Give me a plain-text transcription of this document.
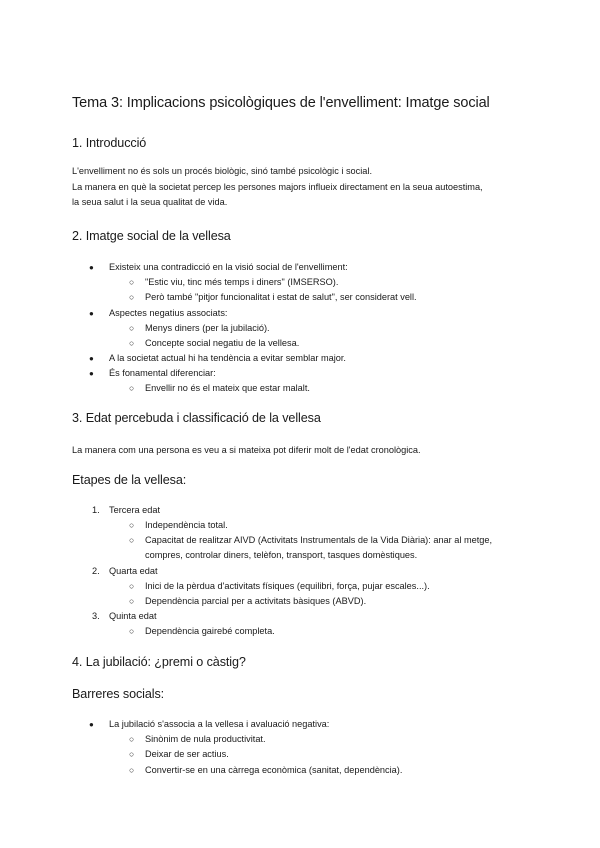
Tema 3: Implicacions psicològiques de l'envelliment: Imatge social
1. Introducció
L'envelliment no és sols un procés biològic, sinó també psicològic i social.
La manera en què la societat percep les persones majors influeix directament en la seua autoestima,
la seua salut i la seua qualitat de vida.
2. Imatge social de la vellesa
● Existeix una contradicció en la visió social de l'envelliment:
○ "Estic viu, tinc més temps i diners" (IMSERSO).
○ Però també "pitjor funcionalitat i estat de salut", ser considerat vell.
● Aspectes negatius associats:
○ Menys diners (per la jubilació).
○ Concepte social negatiu de la vellesa.
● A la societat actual hi ha tendència a evitar semblar major.
● És fonamental diferenciar:
○ Envellir no és el mateix que estar malalt.
3. Edat percebuda i classificació de la vellesa
La manera com una persona es veu a si mateixa pot diferir molt de l'edat cronològica.
Etapes de la vellesa:
1. Tercera edat
○ Independència total.
○ Capacitat de realitzar AIVD (Activitats Instrumentals de la Vida Diària): anar al metge,
compres, controlar diners, telèfon, transport, tasques domèstiques.
2. Quarta edat
○ Inici de la pèrdua d'activitats físiques (equilibri, força, pujar escales...).
○ Dependència parcial per a activitats bàsiques (ABVD).
3. Quinta edat
○ Dependència gairebé completa.
4. La jubilació: ¿premi o càstig?
Barreres socials:
● La jubilació s'associa a la vellesa i avaluació negativa:
○ Sinònim de nula productivitat.
○ Deixar de ser actius.
○ Convertir-se en una càrrega econòmica (sanitat, dependència).
